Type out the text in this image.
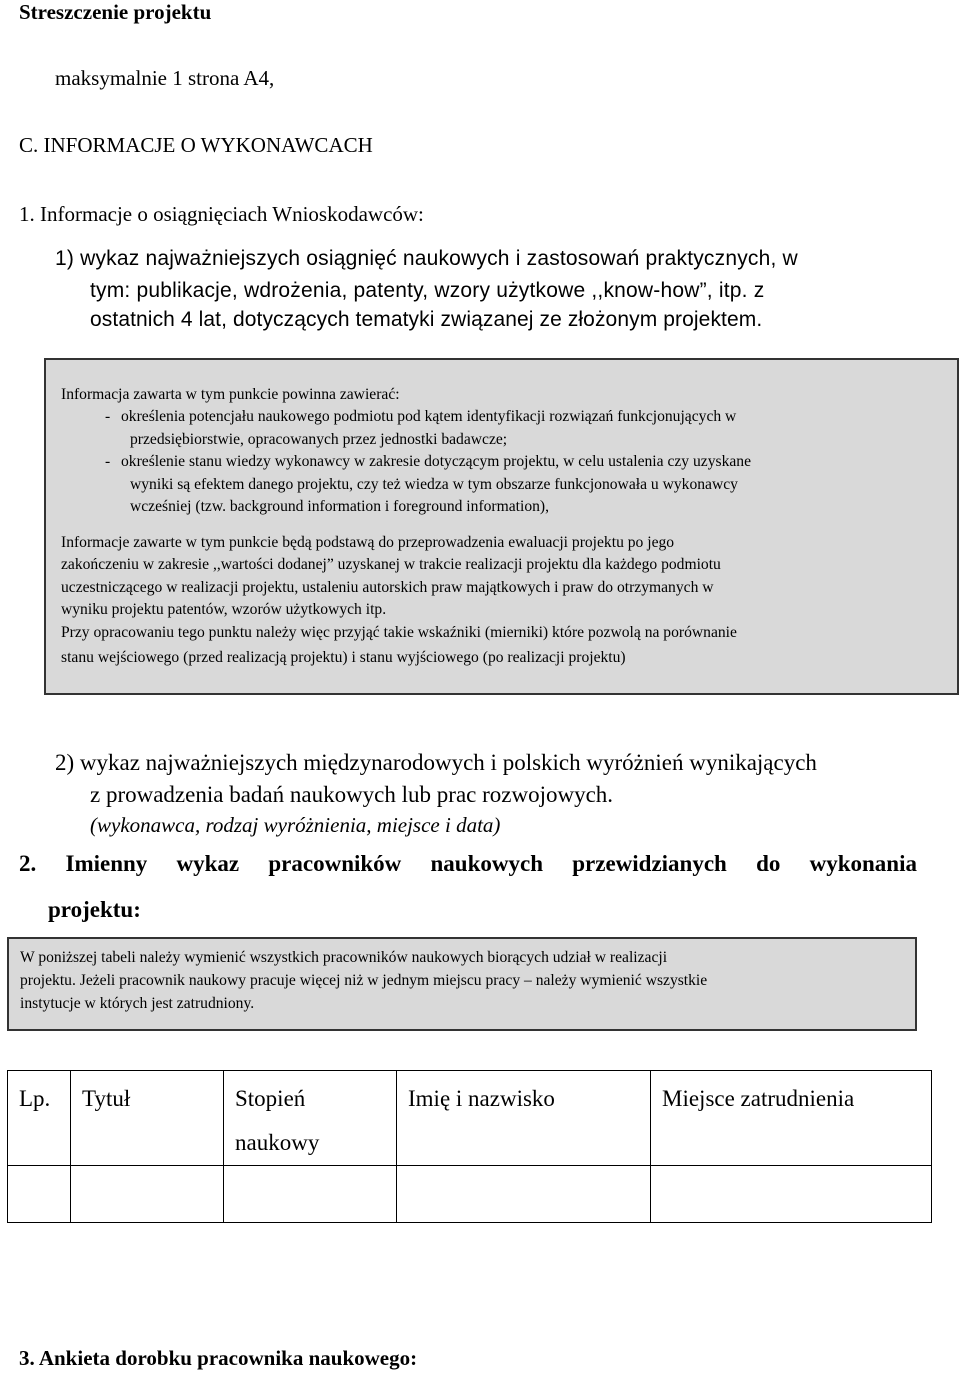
Streszczenie projektu
maksymalnie 1 strona A4,
C. INFORMACJE O WYKONAWCACH
1. Informacje o osiągnięciach Wnioskodawców:
1) wykaz najważniejszych osiągnięć naukowych i zastosowań praktycznych, w
tym: publikacje, wdrożenia, patenty, wzory użytkowe ,,know-how”, itp. z
ostatnich 4 lat, dotyczących tematyki związanej ze złożonym projektem.
Informacja zawarta w tym punkcie powinna zawierać:
- określenia potencjału naukowego podmiotu pod kątem identyfikacji rozwiązań funkcjonujących w
przedsiębiorstwie, opracowanych przez jednostki badawcze;
- określenie stanu wiedzy wykonawcy w zakresie dotyczącym projektu, w celu ustalenia czy uzyskane
wyniki są efektem danego projektu, czy też wiedza w tym obszarze funkcjonowała u wykonawcy
wcześniej (tzw. background information i foreground information),
Informacje zawarte w tym punkcie będą podstawą do przeprowadzenia ewaluacji projektu po jego
zakończeniu w zakresie ,,wartości dodanej” uzyskanej w trakcie realizacji projektu dla każdego podmiotu
uczestniczącego w realizacji projektu, ustaleniu autorskich praw majątkowych i praw do otrzymanych w
wyniku projektu patentów, wzorów użytkowych itp.
Przy opracowaniu tego punktu należy więc przyjąć takie wskaźniki (mierniki) które pozwolą na porównanie
stanu wejściowego (przed realizacją projektu) i stanu wyjściowego (po realizacji projektu)
2) wykaz najważniejszych międzynarodowych i polskich wyróżnień wynikających
z prowadzenia badań naukowych lub prac rozwojowych.
(wykonawca, rodzaj wyróżnienia, miejsce i data)
2. Imienny wykaz pracowników naukowych przewidzianych do wykonania
projektu:
W poniższej tabeli należy wymienić wszystkich pracowników naukowych biorących udział w realizacji
projektu. Jeżeli pracownik naukowy pracuje więcej niż w jednym miejscu pracy – należy wymienić wszystkie
instytucje w których jest zatrudniony.
Lp.	Tytuł	Stopień naukowy	Imię i nazwisko	Miejsce zatrudnienia

3. Ankieta dorobku pracownika naukowego:
